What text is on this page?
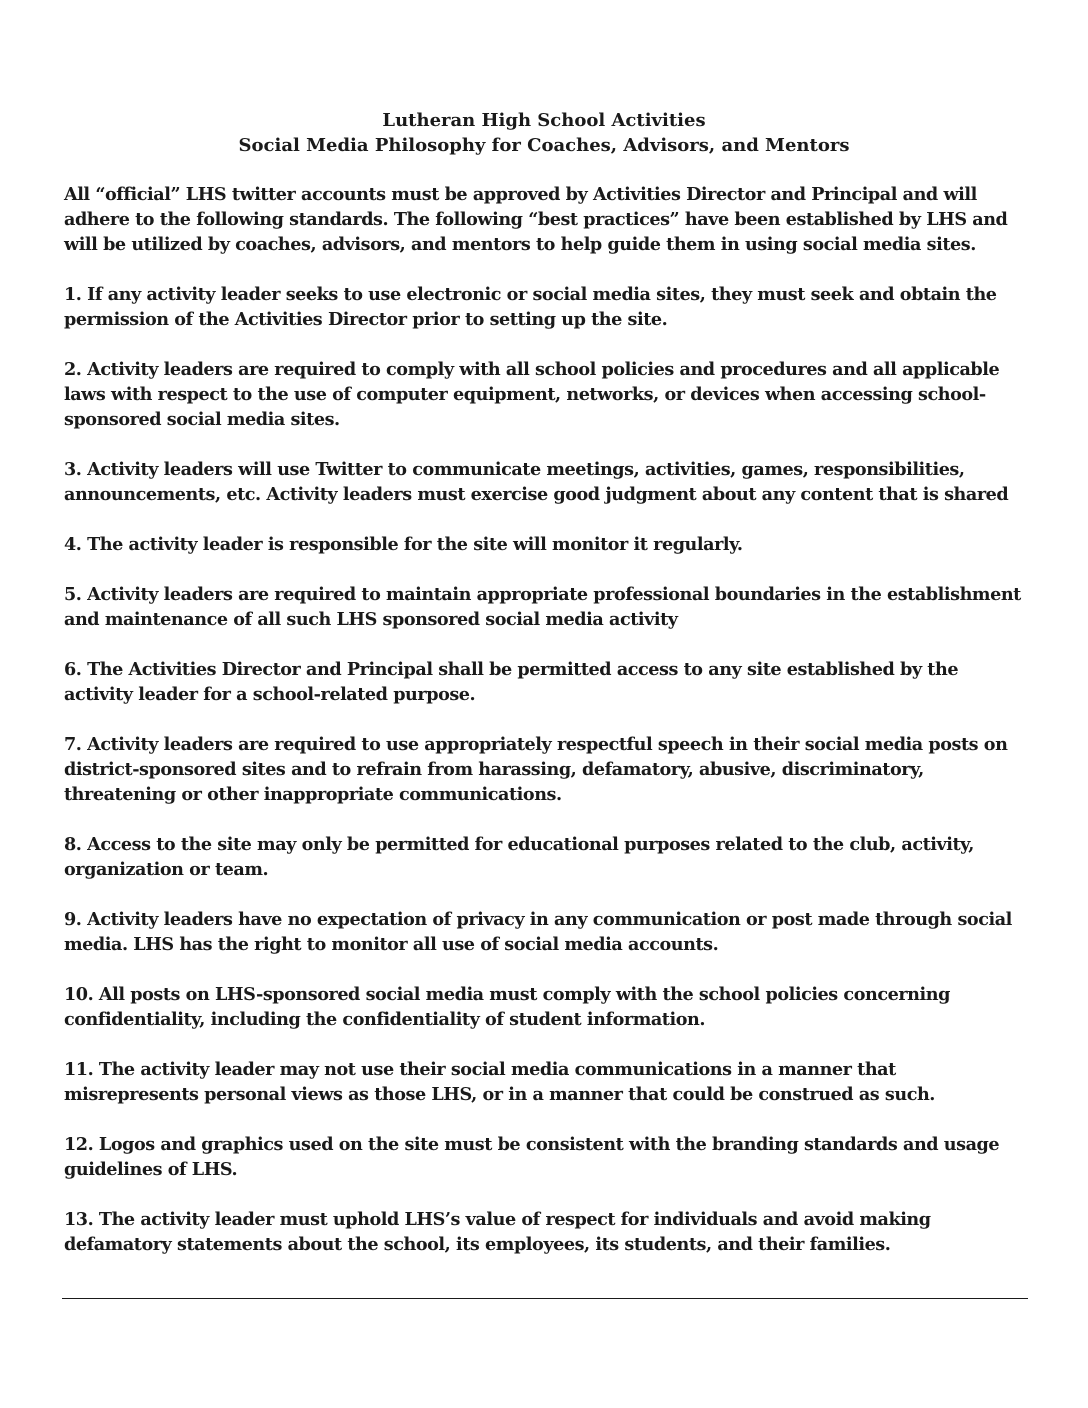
Lutheran High School Activities
Social Media Philosophy for Coaches, Advisors, and Mentors

All “official” LHS twitter accounts must be approved by Activities Director and Principal and will adhere to the following standards. The following “best practices” have been established by LHS and will be utilized by coaches, advisors, and mentors to help guide them in using social media sites.

1. If any activity leader seeks to use electronic or social media sites, they must seek and obtain the permission of the Activities Director prior to setting up the site.

2. Activity leaders are required to comply with all school policies and procedures and all applicable laws with respect to the use of computer equipment, networks, or devices when accessing school-sponsored social media sites.

3. Activity leaders will use Twitter to communicate meetings, activities, games, responsibilities, announcements, etc. Activity leaders must exercise good judgment about any content that is shared

4. The activity leader is responsible for the site will monitor it regularly.

5. Activity leaders are required to maintain appropriate professional boundaries in the establishment and maintenance of all such LHS sponsored social media activity

6. The Activities Director and Principal shall be permitted access to any site established by the activity leader for a school-related purpose.

7. Activity leaders are required to use appropriately respectful speech in their social media posts on district-sponsored sites and to refrain from harassing, defamatory, abusive, discriminatory, threatening or other inappropriate communications.

8. Access to the site may only be permitted for educational purposes related to the club, activity, organization or team.

9. Activity leaders have no expectation of privacy in any communication or post made through social media. LHS has the right to monitor all use of social media accounts.

10. All posts on LHS-sponsored social media must comply with the school policies concerning confidentiality, including the confidentiality of student information.

11. The activity leader may not use their social media communications in a manner that misrepresents personal views as those LHS, or in a manner that could be construed as such.

12. Logos and graphics used on the site must be consistent with the branding standards and usage guidelines of LHS.

13. The activity leader must uphold LHS’s value of respect for individuals and avoid making defamatory statements about the school, its employees, its students, and their families.
